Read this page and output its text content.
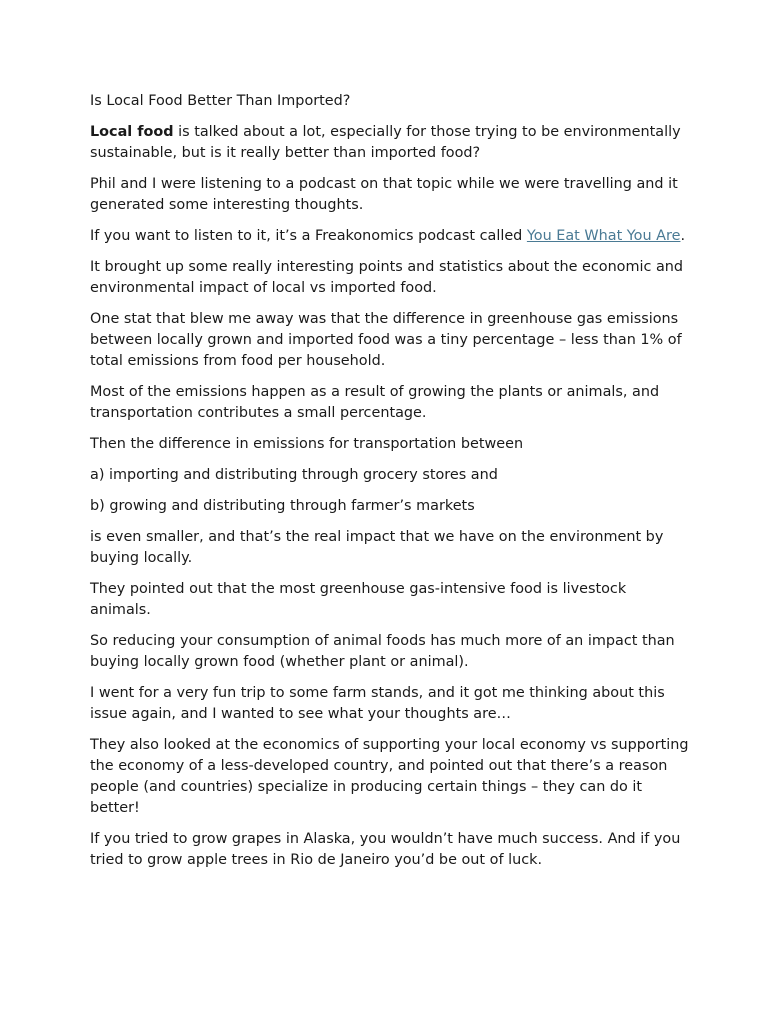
Is Local Food Better Than Imported?

Local food is talked about a lot, especially for those trying to be environmentally sustainable, but is it really better than imported food?

Phil and I were listening to a podcast on that topic while we were travelling and it generated some interesting thoughts.

If you want to listen to it, it’s a Freakonomics podcast called You Eat What You Are.

It brought up some really interesting points and statistics about the economic and environmental impact of local vs imported food.

One stat that blew me away was that the difference in greenhouse gas emissions between locally grown and imported food was a tiny percentage – less than 1% of total emissions from food per household.

Most of the emissions happen as a result of growing the plants or animals, and transportation contributes a small percentage.

Then the difference in emissions for transportation between

a) importing and distributing through grocery stores and

b) growing and distributing through farmer’s markets

is even smaller, and that’s the real impact that we have on the environment by buying locally.

They pointed out that the most greenhouse gas-intensive food is livestock animals.

So reducing your consumption of animal foods has much more of an impact than buying locally grown food (whether plant or animal).

I went for a very fun trip to some farm stands, and it got me thinking about this issue again, and I wanted to see what your thoughts are…

They also looked at the economics of supporting your local economy vs supporting the economy of a less-developed country, and pointed out that there’s a reason people (and countries) specialize in producing certain things – they can do it better!

If you tried to grow grapes in Alaska, you wouldn’t have much success. And if you tried to grow apple trees in Rio de Janeiro you’d be out of luck.
